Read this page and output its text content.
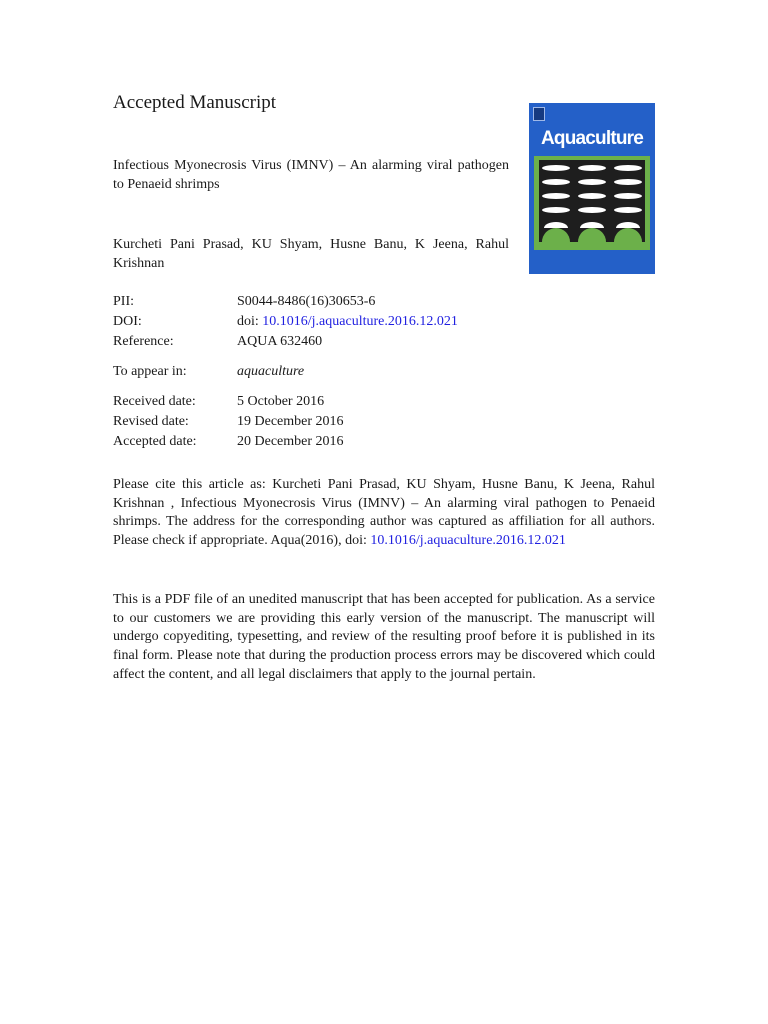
Accepted Manuscript
Infectious Myonecrosis Virus (IMNV) – An alarming viral pathogen to Penaeid shrimps
Kurcheti Pani Prasad, KU Shyam, Husne Banu, K Jeena, Rahul Krishnan
Aquaculture
PII:	S0044-8486(16)30653-6
DOI:	doi: 10.1016/j.aquaculture.2016.12.021
Reference:	AQUA 632460
To appear in:	aquaculture
Received date:	5 October 2016
Revised date:	19 December 2016
Accepted date:	20 December 2016
Please cite this article as: Kurcheti Pani Prasad, KU Shyam, Husne Banu, K Jeena, Rahul Krishnan , Infectious Myonecrosis Virus (IMNV) – An alarming viral pathogen to Penaeid shrimps. The address for the corresponding author was captured as affiliation for all authors. Please check if appropriate. Aqua(2016), doi: 10.1016/j.aquaculture.2016.12.021
This is a PDF file of an unedited manuscript that has been accepted for publication. As a service to our customers we are providing this early version of the manuscript. The manuscript will undergo copyediting, typesetting, and review of the resulting proof before it is published in its final form. Please note that during the production process errors may be discovered which could affect the content, and all legal disclaimers that apply to the journal pertain.
